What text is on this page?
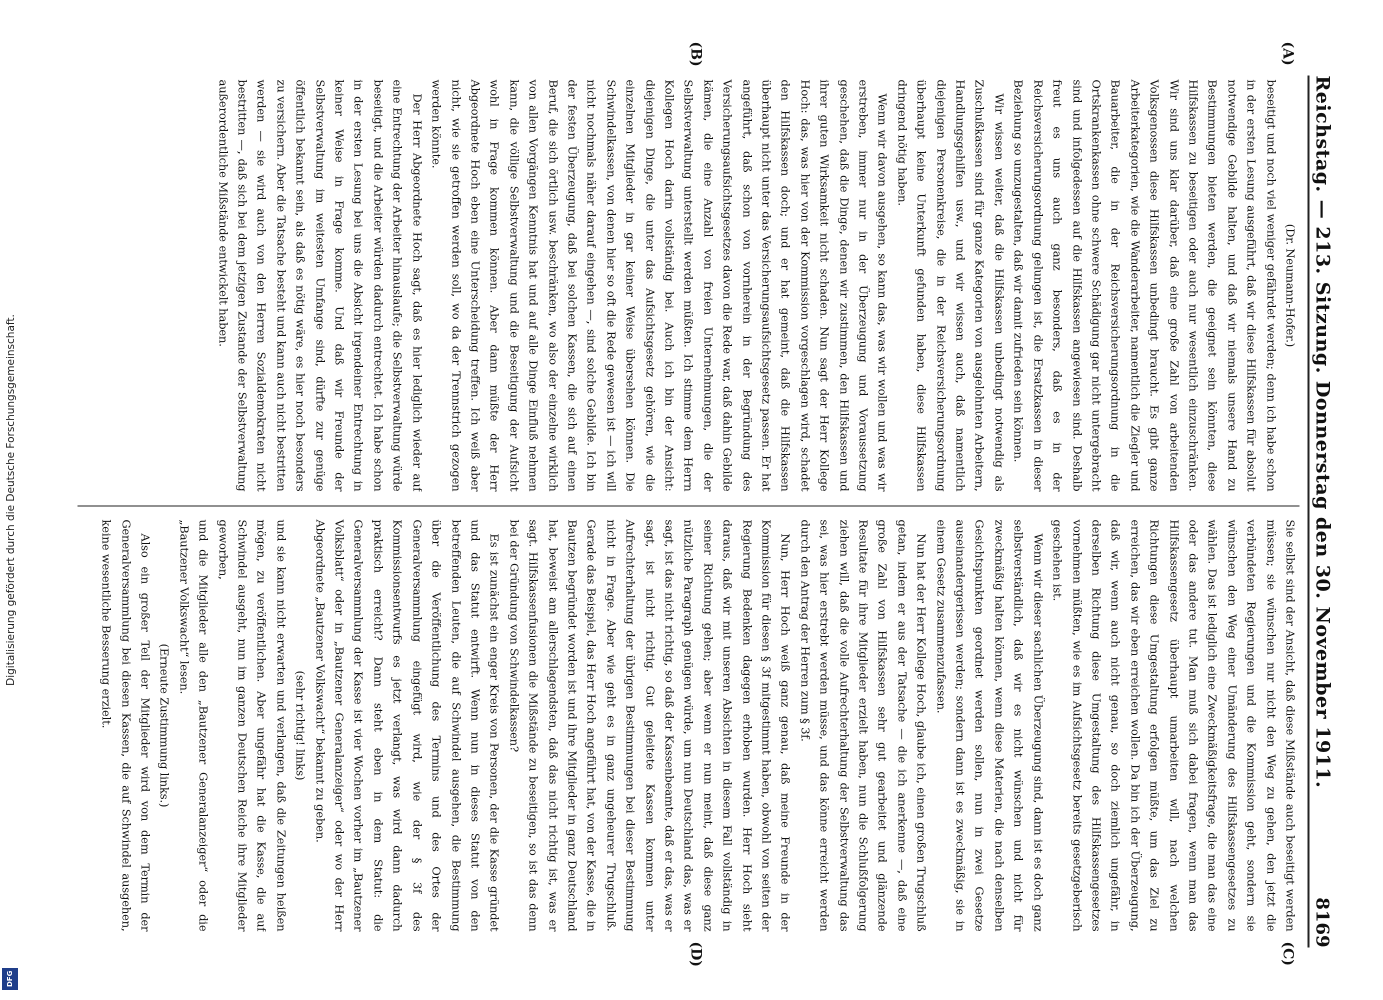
Digitalisierung gefördert durch die Deutsche Forschungsgemeinschaft.
DFG
Reichstag. — 213. Sitzung. Donnerstag den 30. November 1911.
8169
(A)
(B)
(C)
(D)

(Dr. Neumann-Hofer.)

beseitigt und noch viel weniger gefährdet werden; denn ich habe schon in der ersten Lesung ausgeführt, daß wir diese Hilfskassen für absolut notwendige Gebilde halten, und daß wir niemals unsere Hand zu Bestimmungen bieten werden, die geeignet sein könnten, diese Hilfskassen zu beseitigen oder auch nur wesentlich einzuschränken. Wir sind uns klar darüber, daß eine große Zahl von arbeitenden Volksgenossen diese Hilfskassen unbedingt braucht. Es gibt ganze Arbeiterkategorien, wie die Wanderarbeiter, namentlich die Ziegler und Bauarbeiter, die in der Reichsversicherungsordnung in die Ortskrankenkassen ohne schwere Schädigung gar nicht untergebracht sind und infolgedessen auf die Hilfskassen angewiesen sind. Deshalb freut es uns auch ganz besonders, daß es in der Reichsversicherungsordnung gelungen ist, die Ersatzkassen in dieser Beziehung so umzugestalten, daß wir damit zufrieden sein können.

Wir wissen weiter, daß die Hilfskassen unbedingt notwendig als Zuschußkassen sind für ganze Kategorien von ausgelohnten Arbeitern, Handlungsgehilfen usw., und wir wissen auch, daß namentlich diejenigen Personenkreise, die in der Reichsversicherungsordnung überhaupt keine Unterkunft gefunden haben, diese Hilfskassen dringend nötig haben.

Wenn wir davon ausgehen, so kann das, was wir wollen und was wir erstreben, immer nur in der Überzeugung und Voraussetzung geschehen, daß die Dinge, denen wir zustimmen, den Hilfskassen und ihrer guten Wirksamkeit nicht schaden. Nun sagt der Herr Kollege Hoch: das, was hier von der Kommission vorgeschlagen wird, schadet den Hilfskassen doch; und er hat gemeint, daß die Hilfskassen überhaupt nicht unter das Versicherungsaufsichtsgesetz passen. Er hat angeführt, daß schon von vornherein in der Begründung des Versicherungsaufsichtsgesetzes davon die Rede war, daß dahin Gebilde kämen, die eine Anzahl von freien Unternehmungen, die der Selbstverwaltung unterstellt werden müßten. Ich stimme dem Herrn Kollegen Hoch darin vollständig bei. Auch ich bin der Ansicht: diejenigen Dinge, die unter das Aufsichtsgesetz gehören, wie die einzelnen Mitglieder in gar keiner Weise übersehen können. Die Schwindelkassen, von denen hier so oft die Rede gewesen ist — ich will nicht nochmals näher darauf eingehen —, sind solche Gebilde. Ich bin der festen Überzeugung, daß bei solchen Kassen, die sich auf einen Beruf, die sich örtlich usw. beschränken, wo also der einzelne wirklich von allen Vorgängen Kenntnis hat und auf alle Dinge Einfluß nehmen kann, die völlige Selbstverwaltung und die Beseitigung der Aufsicht wohl in Frage kommen können. Aber dann müßte der Herr Abgeordnete Hoch eben eine Unterscheidung treffen. Ich weiß aber nicht, wie sie getroffen werden soll, wo da der Trennstrich gezogen werden könnte.

Der Herr Abgeordnete Hoch sagt, daß es hier lediglich wieder auf eine Entrechtung der Arbeiter hinauslaufe; die Selbstverwaltung würde beseitigt, und die Arbeiter würden dadurch entrechtet. Ich habe schon in der ersten Lesung bei uns die Absicht irgendeiner Entrechtung in keiner Weise in Frage komme. Und daß wir Freunde der Selbstverwaltung im weitesten Umfange sind, dürfte zur genüge öffentlich bekannt sein, als daß es nötig wäre, es hier noch besonders zu versichern. Aber die Tatsache besteht und kann auch nicht bestritten werden — sie wird auch von den Herren Sozialdemokraten nicht bestritten —, daß sich bei dem jetzigen Zustande der Selbstverwaltung außerordentliche Mißstände entwickelt haben.

Sie selbst sind der Ansicht, daß diese Mißstände auch beseitigt werden müssen; sie wünschen nur nicht den Weg zu gehen, den jetzt die verbündeten Regierungen und die Kommission geht, sondern sie wünschen den Weg einer Umänderung des Hilfskassengesetzes zu wählen. Das ist lediglich eine Zweckmäßigkeitsfrage, die man das eine oder das andere tut. Man muß sich dabei fragen, wenn man das Hilfskassengesetz überhaupt umarbeiten will, nach welchen Richtungen diese Umgestaltung erfolgen müßte, um das Ziel zu erreichen, das wir eben erreichen wollen. Da bin ich der Überzeugung, daß wir, wenn auch nicht genau, so doch ziemlich ungefähr, in derselben Richtung diese Umgestaltung des Hilfskassengesetzes vornehmen müßten, wie es im Aufsichtsgesetz bereits gesetzgeberisch geschehen ist.

Wenn wir dieser sachlichen Überzeugung sind, dann ist es doch ganz selbstverständlich, daß wir es nicht wünschen und nicht für zweckmäßig halten können, wenn diese Materien, die nach denselben Gesichtspunkten geordnet werden sollen, nun in zwei Gesetze auseinandergerissen werden; sondern dann ist es zweckmäßig, sie in einem Gesetz zusammenzufassen.

Nun hat der Herr Kollege Hoch, glaube ich, einen großen Trugschluß getan, indem er aus der Tatsache — die ich anerkenne —, daß eine große Zahl von Hilfskassen sehr gut gearbeitet und glänzende Resultate für ihre Mitglieder erzielt haben, nun die Schlußfolgerung ziehen will, daß die volle Aufrechterhaltung der Selbstverwaltung das sei, was hier erstrebt werden müsse, und das könne erreicht werden durch den Antrag der Herren zum § 3f.

Nun, Herr Hoch weiß ganz genau, daß meine Freunde in der Kommission für diesen § 3f mitgestimmt haben, obwohl von seiten der Regierung Bedenken dagegen erhoben wurden. Herr Hoch sieht daraus, daß wir mit unseren Absichten in diesem Fall vollständig in seiner Richtung gehen; aber wenn er nun meint, daß diese ganz nützliche Paragraph genügen würde, um nun Deutschland das, was er sagt, ist das nicht richtig, so daß der Kassenbeamte, daß er das, was er sagt, ist nicht richtig. Gut geleitete Kassen kommen unter Aufrechterhaltung der übrigen Bestimmungen bei dieser Bestimmung nicht in Frage. Aber wie geht es in ganz ungeheurer Trugschluß. Gerade das Beispiel, das Herr Hoch angeführt hat, von der Kasse, die in Bautzen begründet worden ist und ihre Mitglieder in ganz Deutschland hat, beweist am allerschlagendsten, daß das nicht richtig ist, was er sagt. Hilfskassenfusionen die Mißstände zu beseitigen, so ist das denn bei der Gründung von Schwindelkassen?

Es ist zunächst ein enger Kreis von Personen, der die Kasse gründet und das Statut entwirft. Wenn nun in dieses Statut von den betreffenden Leuten, die auf Schwindel ausgehen, die Bestimmung über die Veröffentlichung des Termins und des Ortes der Generalversammlung eingefügt wird, wie der § 3f des Kommissionsentwurfs es jetzt verlangt, was wird dann dadurch praktisch erreicht? Dann steht eben in dem Statut: die Generalversammlung der Kasse ist vier Wochen vorher im „Bautzener Volksblatt“ oder in „Bautzener Generalanzeiger“ oder wo der Herr Abgeordnete „Bautzener Volkswacht“ bekannt zu geben.

(sehr richtig! links)

und sie kann nicht erwarten und verlangen, daß die Zeitungen heißen mögen, zu veröffentlichen. Aber ungefähr hat die Kasse, die auf Schwindel ausgeht, nun im ganzen Deutschen Reiche ihre Mitglieder geworben,

und die Mitglieder alle den „Bautzener Generalanzeiger“ oder die „Bautzener Volkswacht“ lesen.

(Erneute Zustimmung links.)

Also ein großer Teil der Mitglieder wird von dem Termin der Generalversammlung bei diesen Kassen, die auf Schwindel ausgehen, keine wesentliche Besserung erzielt.
